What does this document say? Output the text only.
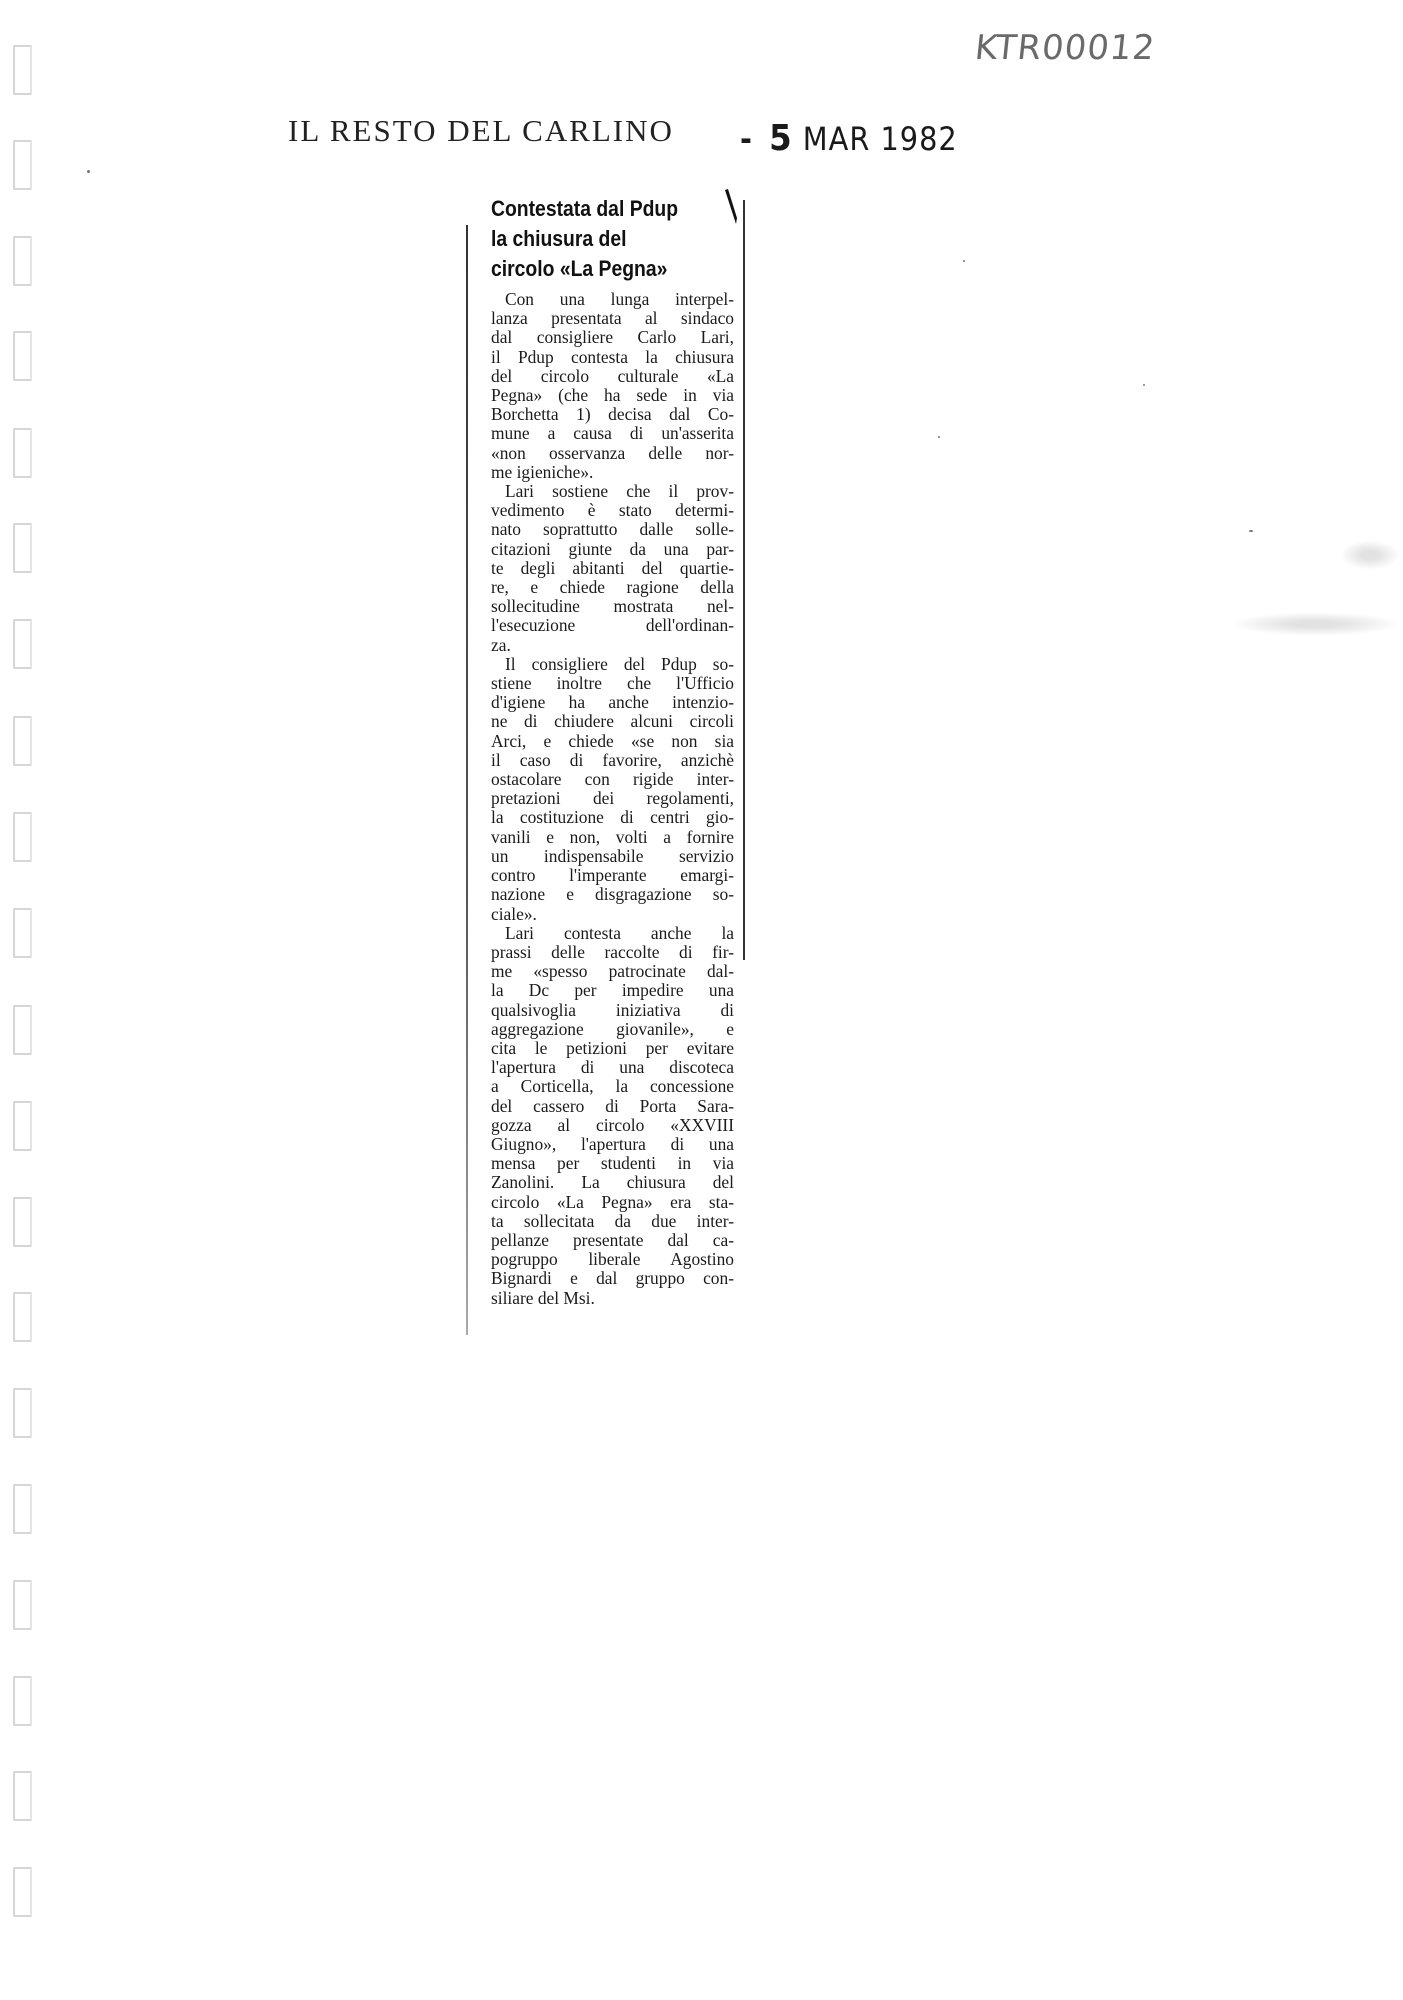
KTR00012
IL RESTO DEL CARLINO - 5 MAR 1982
Contestata dal Pdup
la chiusura del
circolo «La Pegna»

Con una lunga interpel-
lanza presentata al sindaco
dal consigliere Carlo Lari,
il Pdup contesta la chiusura
del circolo culturale «La
Pegna» (che ha sede in via
Borchetta 1) decisa dal Co-
mune a causa di un'asserita
«non osservanza delle nor-
me igieniche».

Lari sostiene che il prov-
vedimento è stato determi-
nato soprattutto dalle solle-
citazioni giunte da una par-
te degli abitanti del quartie-
re, e chiede ragione della
sollecitudine mostrata nel-
l'esecuzione dell'ordinan-
za.

Il consigliere del Pdup so-
stiene inoltre che l'Ufficio
d'igiene ha anche intenzio-
ne di chiudere alcuni circoli
Arci, e chiede «se non sia
il caso di favorire, anzichè
ostacolare con rigide inter-
pretazioni dei regolamenti,
la costituzione di centri gio-
vanili e non, volti a fornire
un indispensabile servizio
contro l'imperante emargi-
nazione e disgragazione so-
ciale».

Lari contesta anche la
prassi delle raccolte di fir-
me «spesso patrocinate dal-
la Dc per impedire una
qualsivoglia iniziativa di
aggregazione giovanile», e
cita le petizioni per evitare
l'apertura di una discoteca
a Corticella, la concessione
del cassero di Porta Sara-
gozza al circolo «XXVIII
Giugno», l'apertura di una
mensa per studenti in via
Zanolini. La chiusura del
circolo «La Pegna» era sta-
ta sollecitata da due inter-
pellanze presentate dal ca-
pogruppo liberale Agostino
Bignardi e dal gruppo con-
siliare del Msi.
